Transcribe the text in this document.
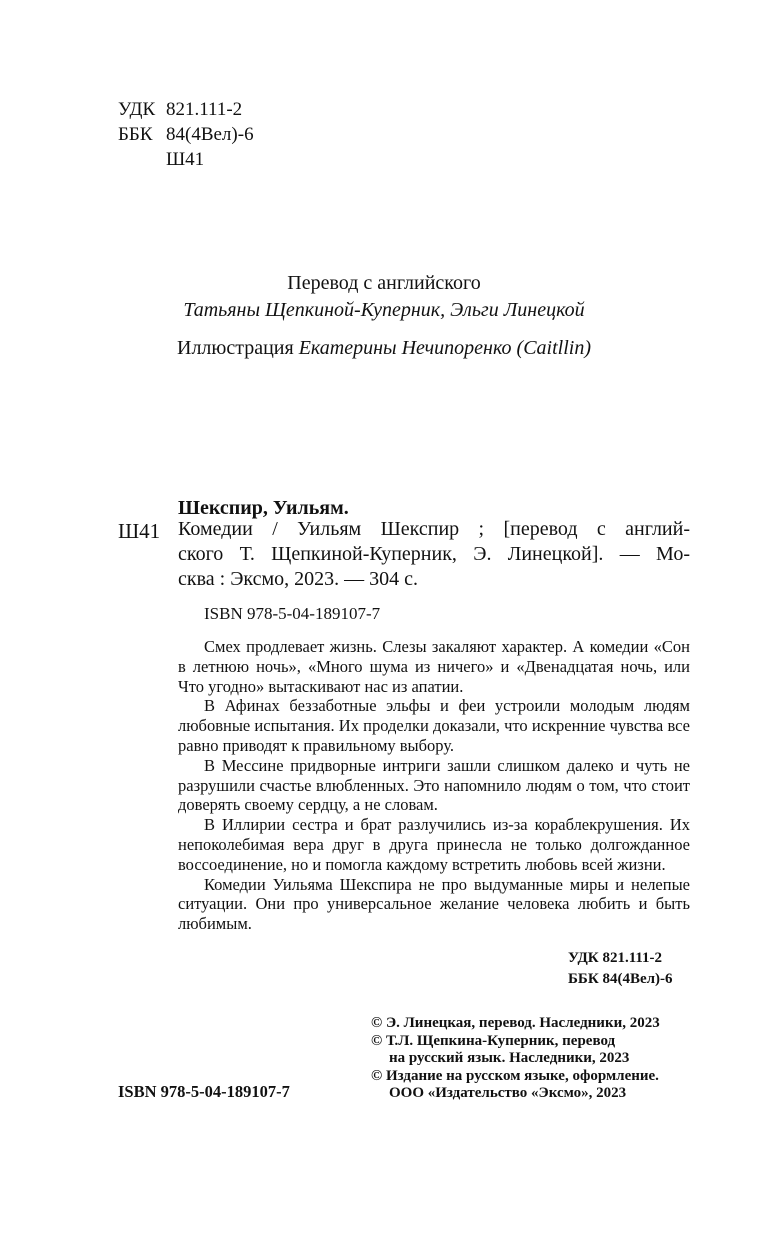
УДК 821.111-2
ББК 84(4Вел)-6
Ш41
Перевод с английского
Татьяны Щепкиной-Куперник, Эльги Линецкой
Иллюстрация Екатерины Нечипоренко (Caitllin)
Шекспир, Уильям.
Ш41 Комедии / Уильям Шекспир ; [перевод с англий-
ского Т. Щепкиной-Куперник, Э. Линецкой]. — Мо-
сква : Эксмо, 2023. — 304 с.
ISBN 978-5-04-189107-7

Смех продлевает жизнь. Слезы закаляют характер. А комедии «Сон в летнюю ночь», «Много шума из ничего» и «Двенадцатая ночь, или Что угодно» вытаскивают нас из апатии.

В Афинах беззаботные эльфы и феи устроили молодым людям любовные испытания. Их проделки доказали, что искренние чувства все равно приводят к правильному выбору.

В Мессине придворные интриги зашли слишком далеко и чуть не разрушили счастье влюбленных. Это напомнило людям о том, что стоит доверять своему сердцу, а не словам.

В Иллирии сестра и брат разлучились из-за кораблекрушения. Их непоколебимая вера друг в друга принесла не только долгожданное воссоединение, но и помогла каждому встретить любовь всей жизни.

Комедии Уильяма Шекспира не про выдуманные миры и нелепые ситуации. Они про универсальное желание человека любить и быть любимым.

УДК 821.111-2
ББК 84(4Вел)-6
© Э. Линецкая, перевод. Наследники, 2023
© Т.Л. Щепкина-Куперник, перевод
на русский язык. Наследники, 2023
© Издание на русском языке, оформление.
ООО «Издательство «Эксмо», 2023
ISBN 978-5-04-189107-7
